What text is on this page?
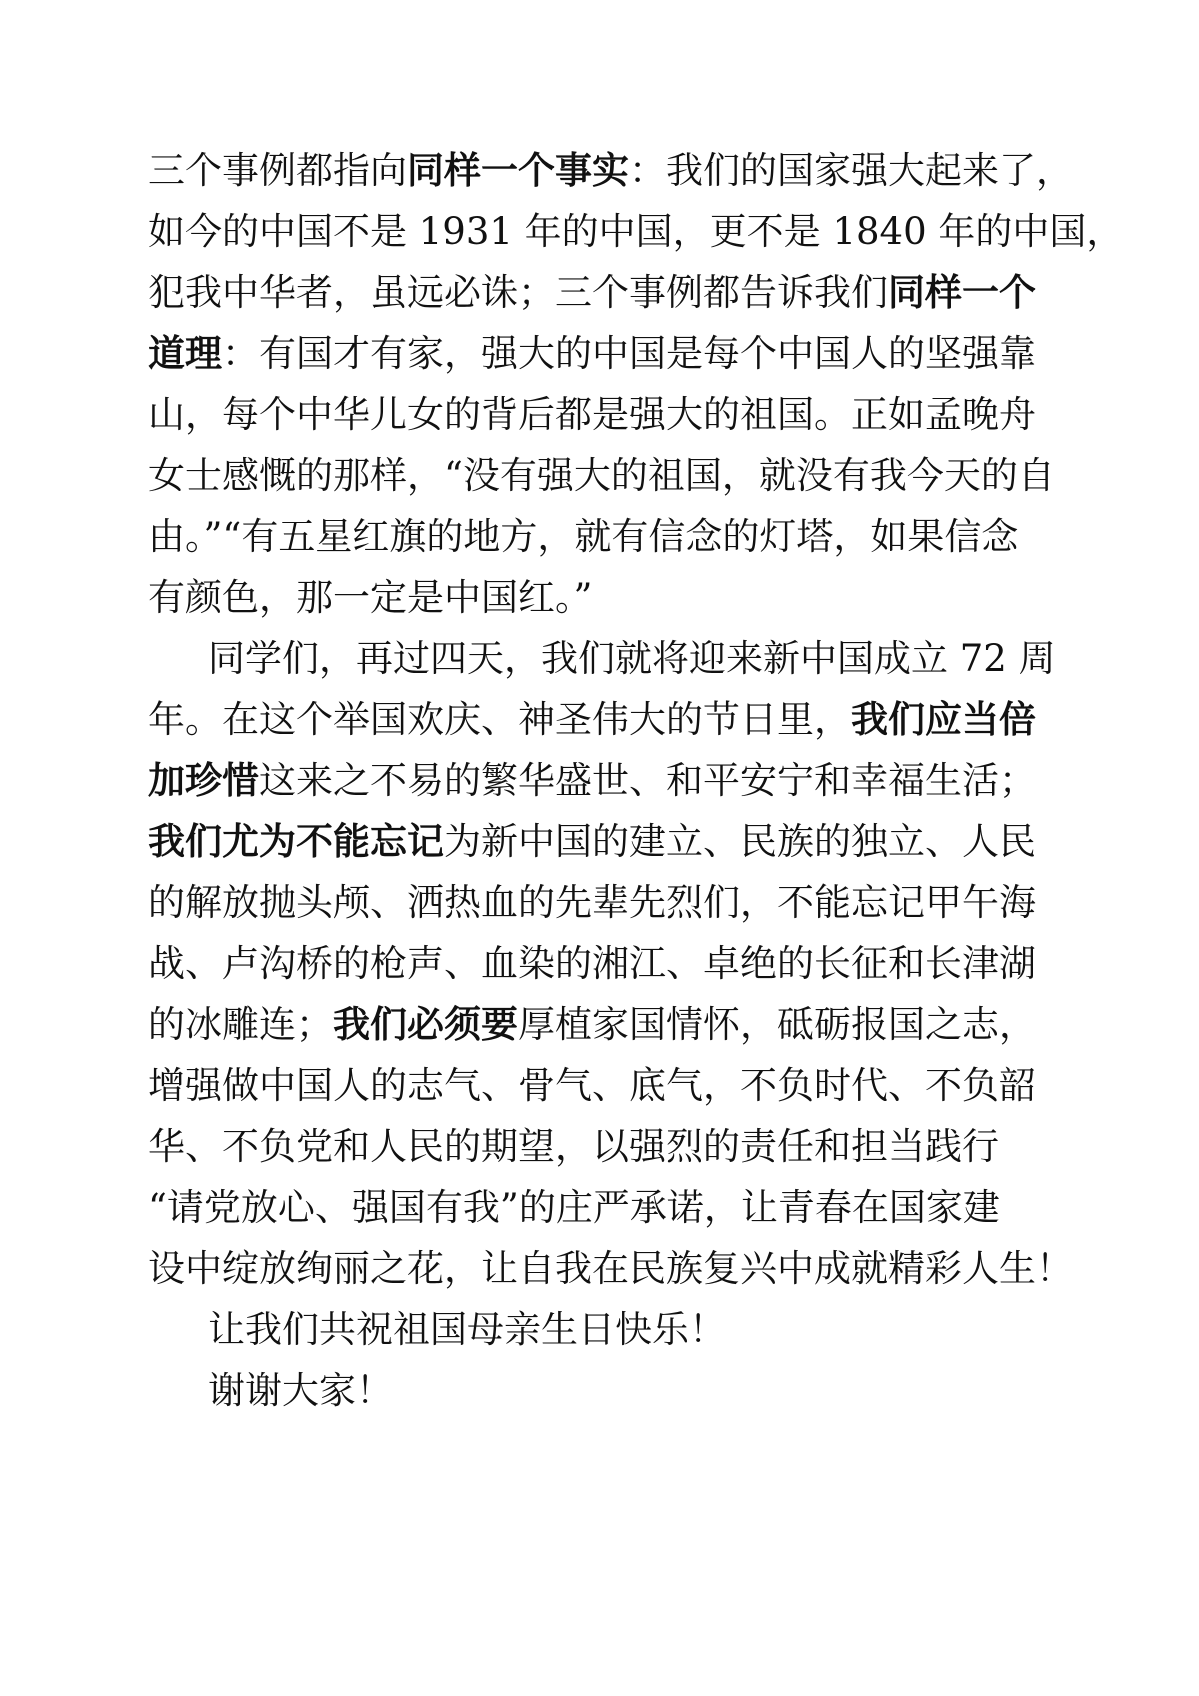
三个事例都指向同样一个事实：我们的国家强大起来了，
如今的中国不是 1931 年的中国，更不是 1840 年的中国，
犯我中华者，虽远必诛；三个事例都告诉我们同样一个
道理：有国才有家，强大的中国是每个中国人的坚强靠
山，每个中华儿女的背后都是强大的祖国。正如孟晚舟
女士感慨的那样，“没有强大的祖国，就没有我今天的自
由。”“有五星红旗的地方，就有信念的灯塔，如果信念
有颜色，那一定是中国红。”
同学们，再过四天，我们就将迎来新中国成立 72 周
年。在这个举国欢庆、神圣伟大的节日里，我们应当倍
加珍惜这来之不易的繁华盛世、和平安宁和幸福生活；
我们尤为不能忘记为新中国的建立、民族的独立、人民
的解放抛头颅、洒热血的先辈先烈们，不能忘记甲午海
战、卢沟桥的枪声、血染的湘江、卓绝的长征和长津湖
的冰雕连；我们必须要厚植家国情怀，砥砺报国之志，
增强做中国人的志气、骨气、底气，不负时代、不负韶
华、不负党和人民的期望，以强烈的责任和担当践行
“请党放心、强国有我”的庄严承诺，让青春在国家建
设中绽放绚丽之花，让自我在民族复兴中成就精彩人生！
让我们共祝祖国母亲生日快乐！
谢谢大家！
